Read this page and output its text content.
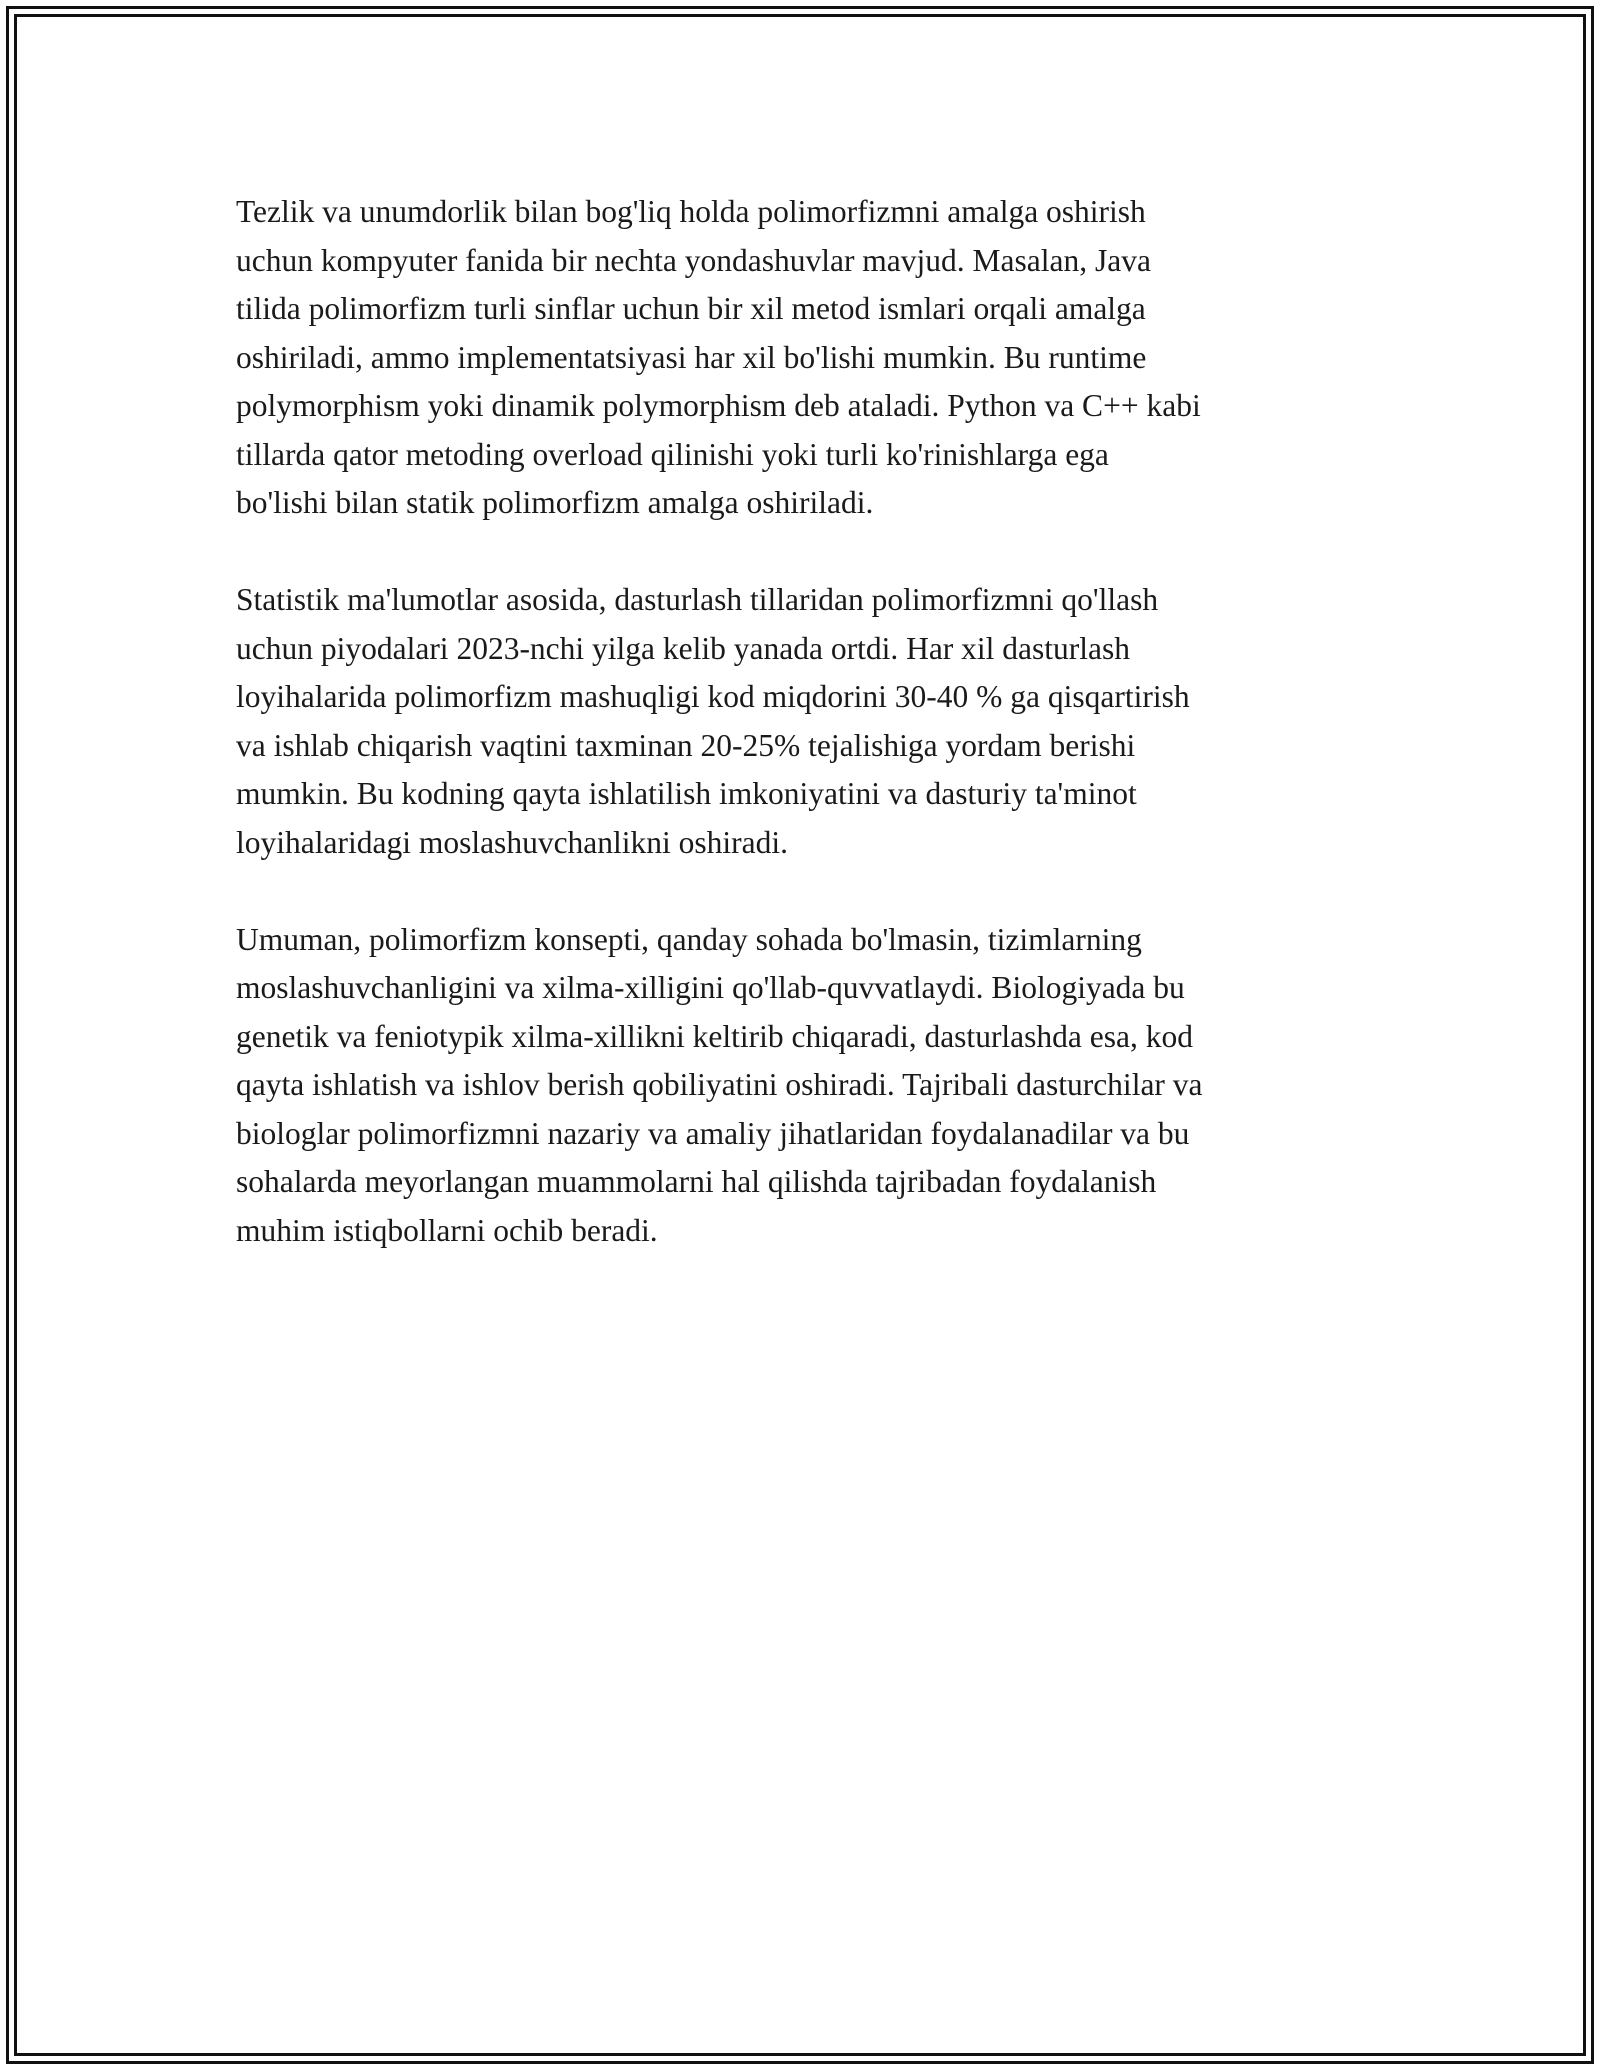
Tezlik va unumdorlik bilan bog'liq holda polimorfizmni amalga oshirish
uchun kompyuter fanida bir nechta yondashuvlar mavjud. Masalan, Java
tilida polimorfizm turli sinflar uchun bir xil metod ismlari orqali amalga
oshiriladi, ammo implementatsiyasi har xil bo'lishi mumkin. Bu runtime
polymorphism yoki dinamik polymorphism deb ataladi. Python va C++ kabi
tillarda qator metoding overload qilinishi yoki turli ko'rinishlarga ega
bo'lishi bilan statik polimorfizm amalga oshiriladi.

Statistik ma'lumotlar asosida, dasturlash tillaridan polimorfizmni qo'llash
uchun piyodalari 2023-nchi yilga kelib yanada ortdi. Har xil dasturlash
loyihalarida polimorfizm mashuqligi kod miqdorini 30-40 % ga qisqartirish
va ishlab chiqarish vaqtini taxminan 20-25% tejalishiga yordam berishi
mumkin. Bu kodning qayta ishlatilish imkoniyatini va dasturiy ta'minot
loyihalaridagi moslashuvchanlikni oshiradi.

Umuman, polimorfizm konsepti, qanday sohada bo'lmasin, tizimlarning
moslashuvchanligini va xilma-xilligini qo'llab-quvvatlaydi. Biologiyada bu
genetik va feniotypik xilma-xillikni keltirib chiqaradi, dasturlashda esa, kod
qayta ishlatish va ishlov berish qobiliyatini oshiradi. Tajribali dasturchilar va
biologlar polimorfizmni nazariy va amaliy jihatlaridan foydalanadilar va bu
sohalarda meyorlangan muammolarni hal qilishda tajribadan foydalanish
muhim istiqbollarni ochib beradi.
